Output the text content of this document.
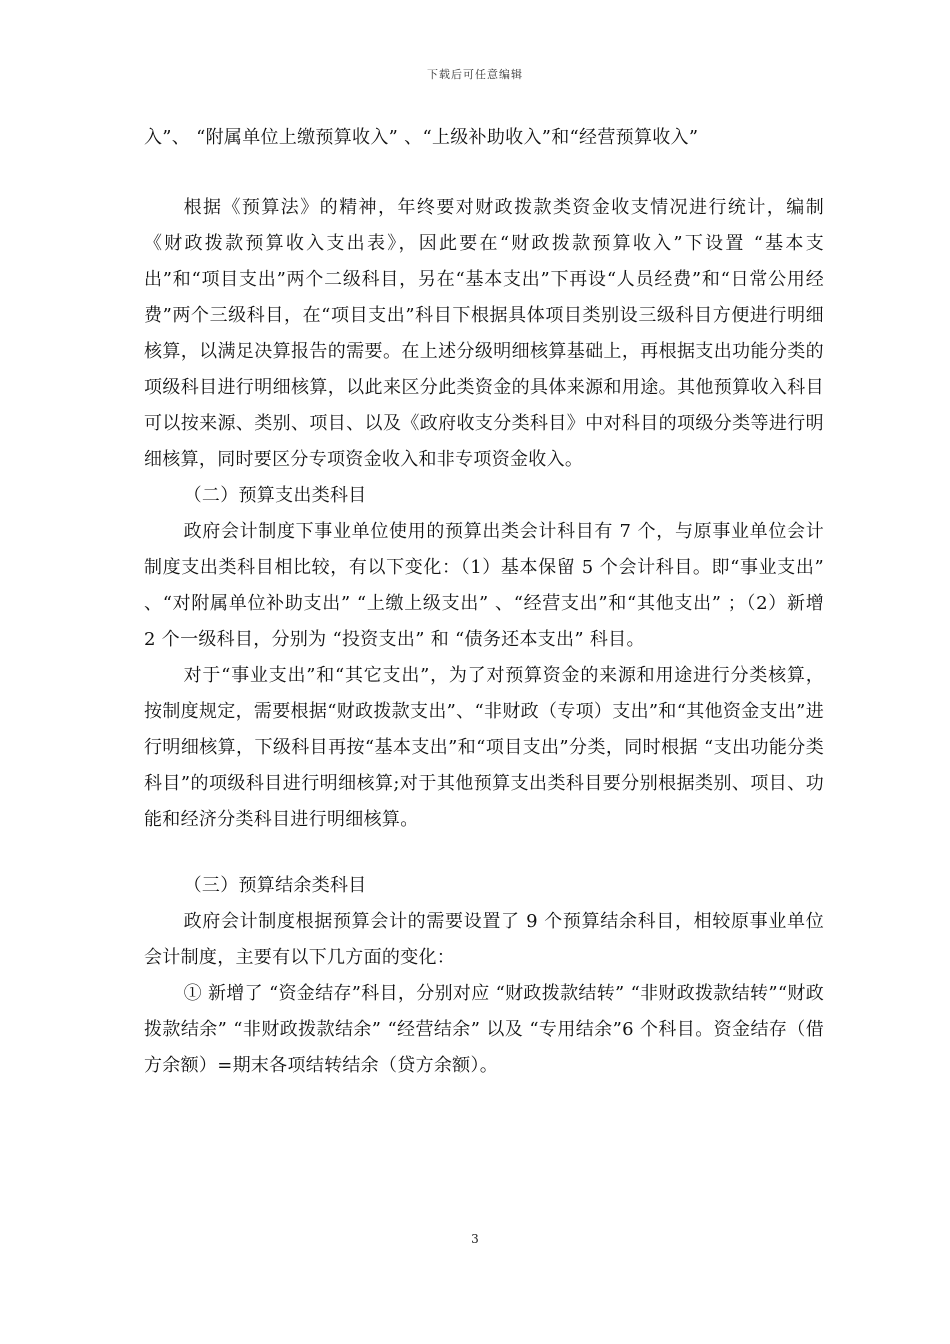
下载后可任意编辑

入”、 “附属单位上缴预算收入” 、“上级补助收入”和“经营预算收入”

根据《预算法》的精神，年终要对财政拨款类资金收支情况进行统计，编制《财政拨款预算收入支出表》，因此要在“财政拨款预算收入”下设置 “基本支出”和“项目支出”两个二级科目，另在“基本支出”下再设“人员经费”和“日常公用经费”两个三级科目，在“项目支出”科目下根据具体项目类别设三级科目方便进行明细核算，以满足决算报告的需要。在上述分级明细核算基础上，再根据支出功能分类的项级科目进行明细核算，以此来区分此类资金的具体来源和用途。其他预算收入科目可以按来源、类别、项目、以及《政府收支分类科目》中对科目的项级分类等进行明细核算，同时要区分专项资金收入和非专项资金收入。

（二）预算支出类科目

政府会计制度下事业单位使用的预算出类会计科目有 7 个，与原事业单位会计制度支出类科目相比较，有以下变化：（1）基本保留 5 个会计科目。即“事业支出” 、“对附属单位补助支出” “上缴上级支出” 、“经营支出”和“其他支出” ；（2）新增 2 个一级科目，分别为 “投资支出” 和 “债务还本支出” 科目。

对于“事业支出”和“其它支出”，为了对预算资金的来源和用途进行分类核算，按制度规定，需要根据“财政拨款支出”、“非财政（专项）支出”和“其他资金支出”进行明细核算，下级科目再按“基本支出”和“项目支出”分类，同时根据 “支出功能分类科目”的项级科目进行明细核算;对于其他预算支出类科目要分别根据类别、项目、功能和经济分类科目进行明细核算。

（三）预算结余类科目

政府会计制度根据预算会计的需要设置了 9 个预算结余科目，相较原事业单位会计制度，主要有以下几方面的变化：

① 新增了 “资金结存”科目，分别对应 “财政拨款结转” “非财政拨款结转”“财政拨款结余” “非财政拨款结余” “经营结余” 以及 “专用结余”6 个科目。资金结存（借方余额）=期末各项结转结余（贷方余额）。

3
